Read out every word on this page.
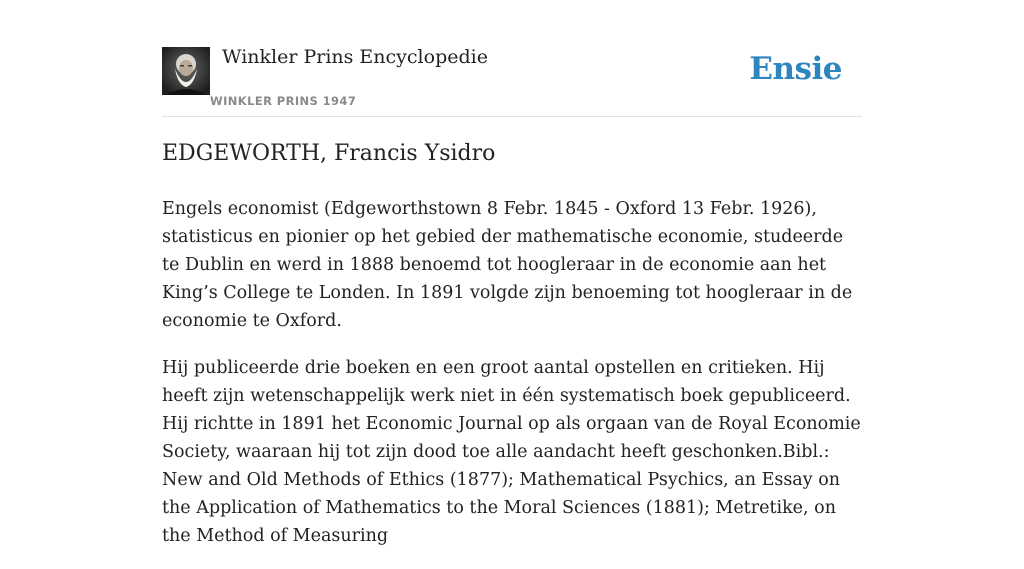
Winkler Prins Encyclopedie
WINKLER PRINS 1947
Ensie
EDGEWORTH, Francis Ysidro

Engels economist (Edgeworthstown 8 Febr. 1845 - Oxford 13 Febr. 1926), statisticus en pionier op het gebied der mathematische economie, studeerde te Dublin en werd in 1888 benoemd tot hoogleraar in de economie aan het King’s College te Londen. In 1891 volgde zijn benoeming tot hoogleraar in de economie te Oxford.

Hij publiceerde drie boeken en een groot aantal opstellen en critieken. Hij heeft zijn wetenschappelijk werk niet in één systematisch boek gepubliceerd. Hij richtte in 1891 het Economic Journal op als orgaan van de Royal Economie Society, waaraan hij tot zijn dood toe alle aandacht heeft geschonken.Bibl.: New and Old Methods of Ethics (1877); Mathematical Psychics, an Essay on the Application of Mathematics to the Moral Sciences (1881); Metretike, on the Method of Measuring
